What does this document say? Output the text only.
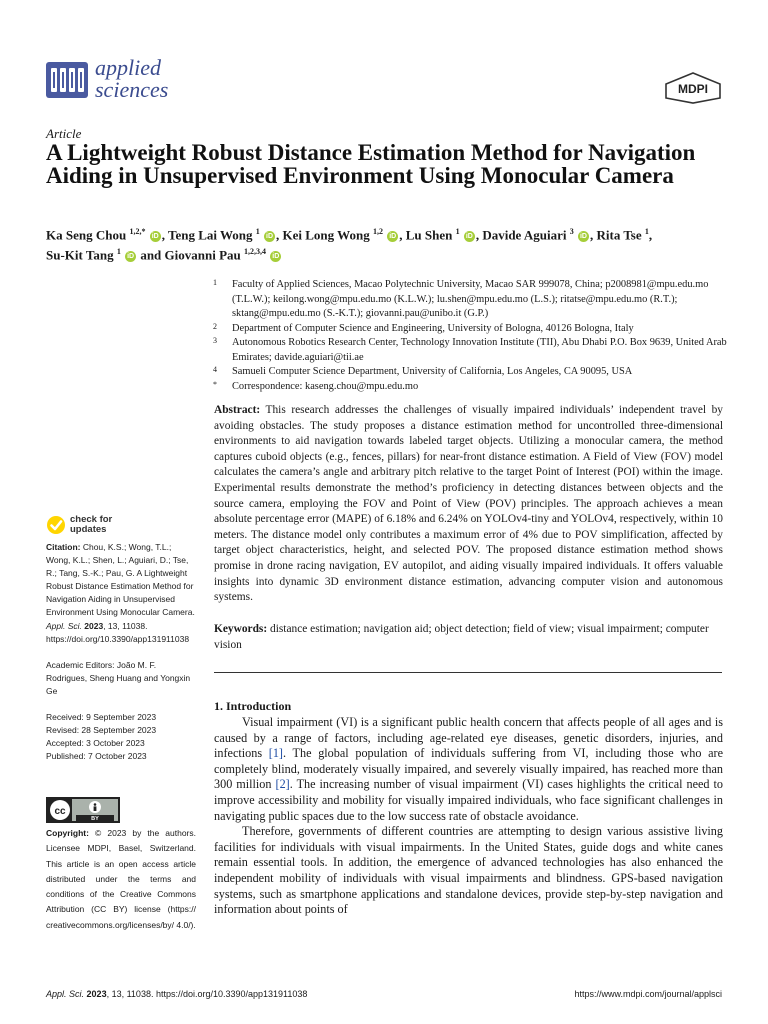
applied
sciences	MDPI
Article
A Lightweight Robust Distance Estimation Method for Navigation Aiding in Unsupervised Environment Using Monocular Camera
Ka Seng Chou $^{1,2,*}$ iD , Teng Lai Wong $^1$ iD , Kei Long Wong $^{1,2}$ iD , Lu Shen $^1$ iD , Davide Aguiari $^3$ iD , Rita Tse $^1$,
Su-Kit Tang $^1$ iD and Giovanni Pau $^{1,2,3,4}$ iD
1 Faculty of Applied Sciences, Macao Polytechnic University, Macao SAR 999078, China; p2008981@mpu.edu.mo (T.L.W.); keilong.wong@mpu.edu.mo (K.L.W.); lu.shen@mpu.edu.mo (L.S.); ritatse@mpu.edu.mo (R.T.); sktang@mpu.edu.mo (S.-K.T.); giovanni.pau@unibo.it (G.P.)
2 Department of Computer Science and Engineering, University of Bologna, 40126 Bologna, Italy
3 Autonomous Robotics Research Center, Technology Innovation Institute (TII), Abu Dhabi P.O. Box 9639, United Arab Emirates; davide.aguiari@tii.ae
4 Samueli Computer Science Department, University of California, Los Angeles, CA 90095, USA
* Correspondence: kaseng.chou@mpu.edu.mo
Abstract: This research addresses the challenges of visually impaired individuals’ independent travel by avoiding obstacles. The study proposes a distance estimation method for uncontrolled three-dimensional environments to aid navigation towards labeled target objects. Utilizing a monocular camera, the method captures cuboid objects (e.g., fences, pillars) for near-front distance estimation. A Field of View (FOV) model calculates the camera’s angle and arbitrary pitch relative to the target Point of Interest (POI) within the image. Experimental results demonstrate the method’s proficiency in detecting distances between objects and the source camera, employing the FOV and Point of View (POV) principles. The approach achieves a mean absolute percentage error (MAPE) of 6.18% and 6.24% on YOLOv4-tiny and YOLOv4, respectively, within 10 meters. The distance model only contributes a maximum error of 4% due to POV simplification, affected by target object characteristics, height, and selected POV. The proposed distance estimation method shows promise in drone racing navigation, EV autopilot, and aiding visually impaired individuals. It offers valuable insights into dynamic 3D environment distance estimation, advancing computer vision and autonomous systems.
Keywords: distance estimation; navigation aid; object detection; field of view; visual impairment; computer vision
1. Introduction

Visual impairment (VI) is a significant public health concern that affects people of all ages and is caused by a range of factors, including age-related eye diseases, genetic disorders, injuries, and infections [1]. The global population of individuals suffering from VI, including those who are completely blind, moderately visually impaired, and severely visually impaired, has reached more than 300 million [2]. The increasing number of visual impairment (VI) cases highlights the critical need to improve accessibility and mobility for visually impaired individuals, who face significant challenges in navigating public spaces due to the low success rate of obstacle avoidance.

Therefore, governments of different countries are attempting to design various assistive living facilities for individuals with visual impairments. In the United States, guide dogs and white canes remain essential tools. In addition, the emergence of advanced technologies has also enhanced the independent mobility of individuals with visual impairments and blindness. GPS-based navigation systems, such as smartphone applications and standalone devices, provide step-by-step navigation and information about points of

check for
updates

Citation: Chou, K.S.; Wong, T.L.; Wong, K.L.; Shen, L.; Aguiari, D.; Tse, R.; Tang, S.-K.; Pau, G. A Lightweight Robust Distance Estimation Method for Navigation Aiding in Unsupervised Environment Using Monocular Camera. Appl. Sci. 2023, 13, 11038. https://doi.org/10.3390/app131911038

Academic Editors: João M. F. Rodrigues, Sheng Huang and Yongxin Ge

Received: 9 September 2023

Revised: 28 September 2023

Accepted: 3 October 2023

Published: 7 October 2023

cc
BY
Copyright: © 2023 by the authors. Licensee MDPI, Basel, Switzerland. This article is an open access article distributed under the terms and conditions of the Creative Commons Attribution (CC BY) license (https:// creativecommons.org/licenses/by/ 4.0/).
Appl. Sci. 2023, 13, 11038. https://doi.org/10.3390/app131911038	https://www.mdpi.com/journal/applsci
